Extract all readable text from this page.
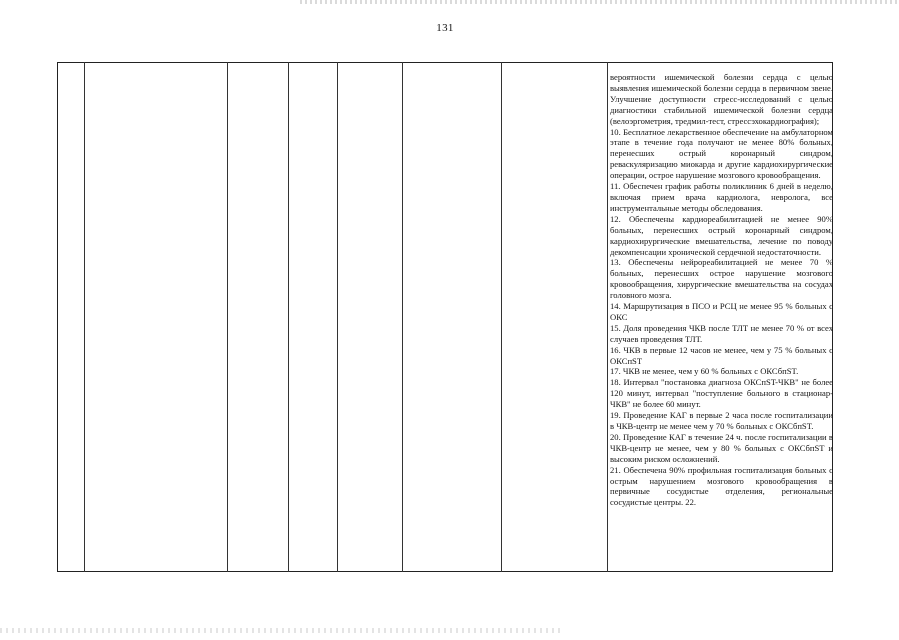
131

вероятности ишемической болезни сердца с целью выявления ишемической болезни сердца в первичном звене. Улучшение доступности стресс-исследований с целью диагностики стабильной ишемической болезни сердца (велоэргометрия, тредмил-тест, стрессэхокардиография);

10. Бесплатное лекарственное обеспечение на амбулаторном этапе в течение года получают не менее 80% больных, перенесших острый коронарный синдром, реваскуляризацию миокарда и другие кардиохирургические операции, острое нарушение мозгового кровообращения.

11. Обеспечен график работы поликлиник 6 дней в неделю, включая прием врача кардиолога, невролога, все инструментальные методы обследования.

12. Обеспечены кардиореабилитацией не менее 90% больных, перенесших острый коронарный синдром, кардиохирургические вмешательства, лечение по поводу декомпенсации хронической сердечной недостаточности.

13. Обеспечены нейрореабилитацией не менее 70 % больных, перенесших острое нарушение мозгового кровообращения, хирургические вмешательства на сосудах головного мозга.

14. Маршрутизация в ПСО и РСЦ не менее 95 % больных с ОКС

15. Доля проведения ЧКВ после ТЛТ не менее 70 % от всех случаев проведения ТЛТ.

16. ЧКВ в первые 12 часов не менее, чем у 75 % больных с ОКСпST

17. ЧКВ не менее, чем у 60 % больных с ОКСбпST.

18. Интервал "постановка диагноза ОКСпST-ЧКВ" не более 120 минут, интервал "поступление больного в стационар-ЧКВ" не более 60 минут.

19. Проведение КАГ в первые 2 часа после госпитализации в ЧКВ-центр не менее чем у 70 % больных с ОКСбпST.

20. Проведение КАГ в течение 24 ч. после госпитализации в ЧКВ-центр не менее, чем у 80 % больных с ОКСбпST и высоким риском осложнений.

21. Обеспечена 90% профильная госпитализация больных с острым нарушением мозгового кровообращения в первичные сосудистые отделения, региональные сосудистые центры. 22.
